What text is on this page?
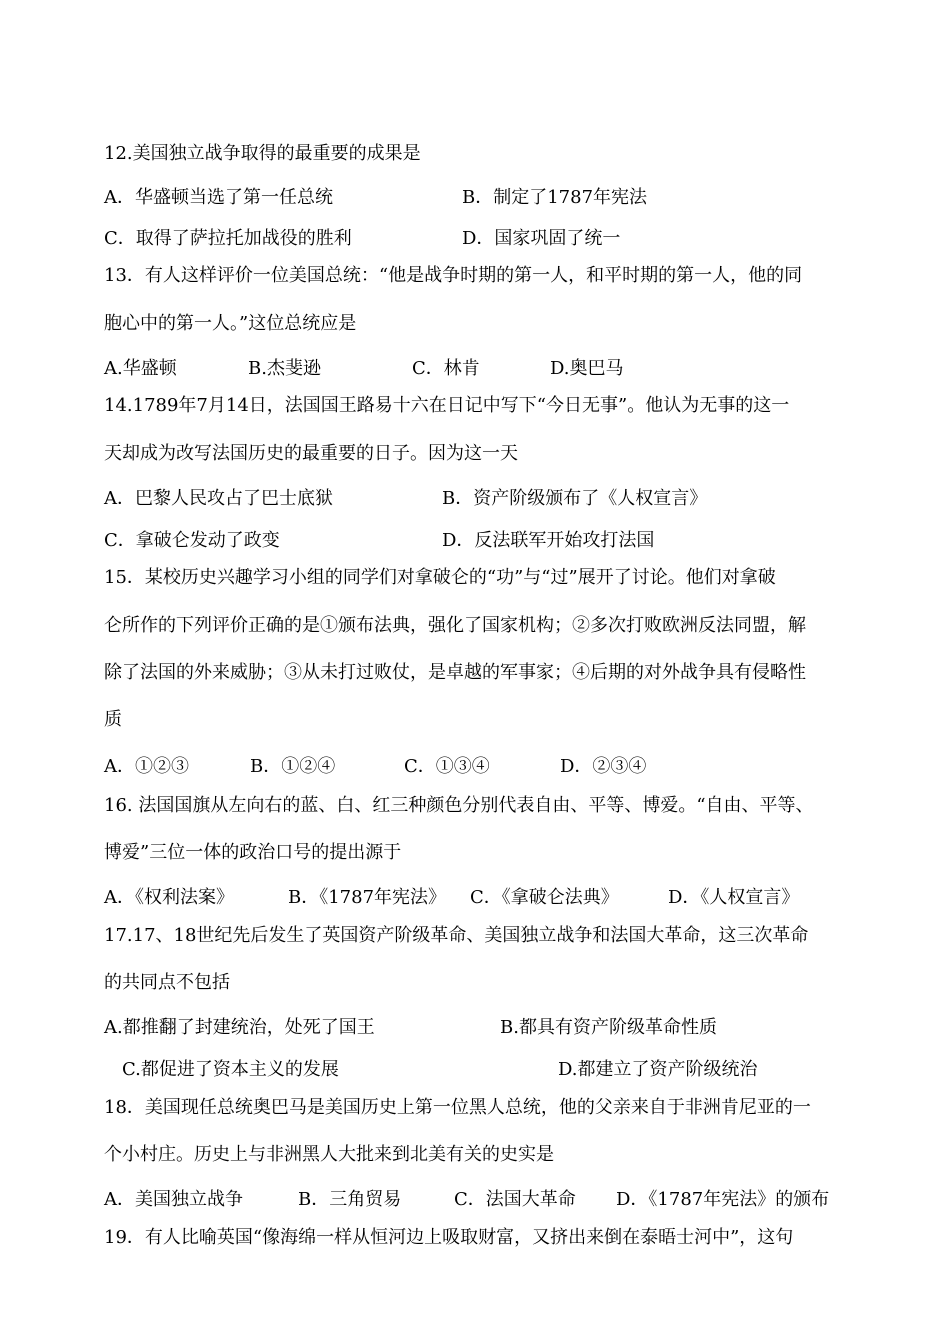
12.美国独立战争取得的最重要的成果是
A．华盛顿当选了第一任总统	B．制定了1787年宪法
C．取得了萨拉托加战役的胜利	D．国家巩固了统一
13．有人这样评价一位美国总统：“他是战争时期的第一人，和平时期的第一人，他的同
胞心中的第一人。”这位总统应是
A.华盛顿	B.杰斐逊	C．林肯	D.奥巴马
14.1789年7月14日，法国国王路易十六在日记中写下“今日无事”。他认为无事的这一
天却成为改写法国历史的最重要的日子。因为这一天
A．巴黎人民攻占了巴士底狱	B．资产阶级颁布了《人权宣言》
C．拿破仑发动了政变	D．反法联军开始攻打法国
15．某校历史兴趣学习小组的同学们对拿破仑的“功”与“过”展开了讨论。他们对拿破
仑所作的下列评价正确的是①颁布法典，强化了国家机构；②多次打败欧洲反法同盟，解
除了法国的外来威胁；③从未打过败仗，是卓越的军事家；④后期的对外战争具有侵略性
质
A．①②③	B．①②④	C．①③④	D．②③④
16. 法国国旗从左向右的蓝、白、红三种颜色分别代表自由、平等、博爱。“自由、平等、
博爱”三位一体的政治口号的提出源于
A．《权利法案》	B．《1787年宪法》 C．《拿破仑法典》	D．《人权宣言》
17.17、18世纪先后发生了英国资产阶级革命、美国独立战争和法国大革命，这三次革命
的共同点不包括
A.都推翻了封建统治，处死了国王	B.都具有资产阶级革命性质
C.都促进了资本主义的发展	D.都建立了资产阶级统治
18．美国现任总统奥巴马是美国历史上第一位黑人总统，他的父亲来自于非洲肯尼亚的一
个小村庄。历史上与非洲黑人大批来到北美有关的史实是
A．美国独立战争	B．三角贸易	C．法国大革命 D．《1787年宪法》的颁布
19．有人比喻英国“像海绵一样从恒河边上吸取财富，又挤出来倒在泰晤士河中”，这句
